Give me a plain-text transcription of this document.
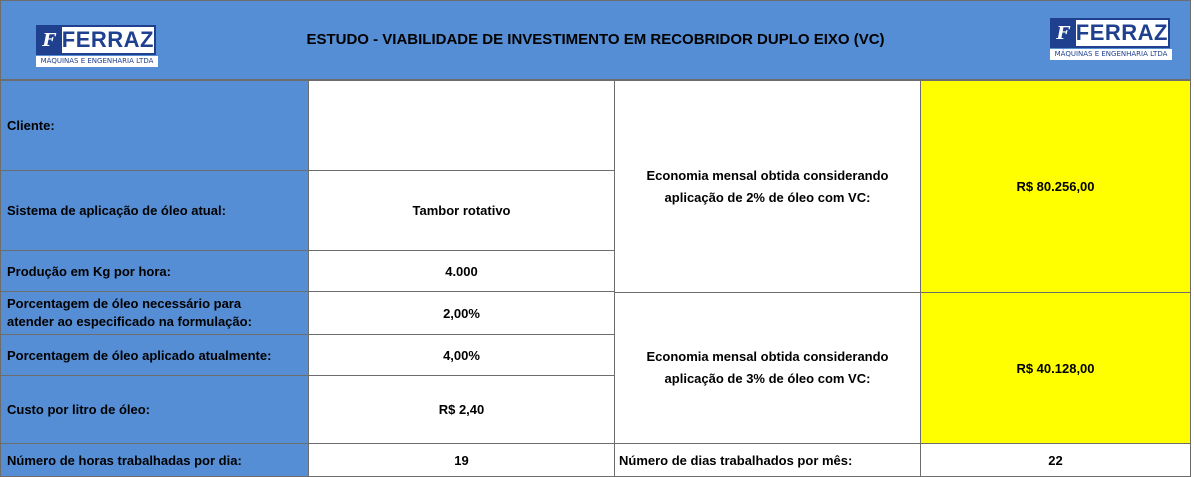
F FERRAZ
MÁQUINAS E ENGENHARIA LTDA
ESTUDO - VIABILIDADE DE INVESTIMENTO EM RECOBRIDOR DUPLO EIXO (VC)	F FERRAZ
MÁQUINAS E ENGENHARIA LTDA
Cliente:
Sistema de aplicação de óleo atual:
Produção em Kg por hora:
Porcentagem de óleo necessário para
atender ao especificado na formulação:
Porcentagem de óleo aplicado atualmente:
Custo por litro de óleo:
Número de horas trabalhadas por dia:
Tambor rotativo
4.000
2,00%
4,00%
R$ 2,40
19
Economia mensal obtida considerando
aplicação de 2% de óleo com VC:
Economia mensal obtida considerando
aplicação de 3% de óleo com VC:
Número de dias trabalhados por mês:
R$ 80.256,00
R$ 40.128,00
22
